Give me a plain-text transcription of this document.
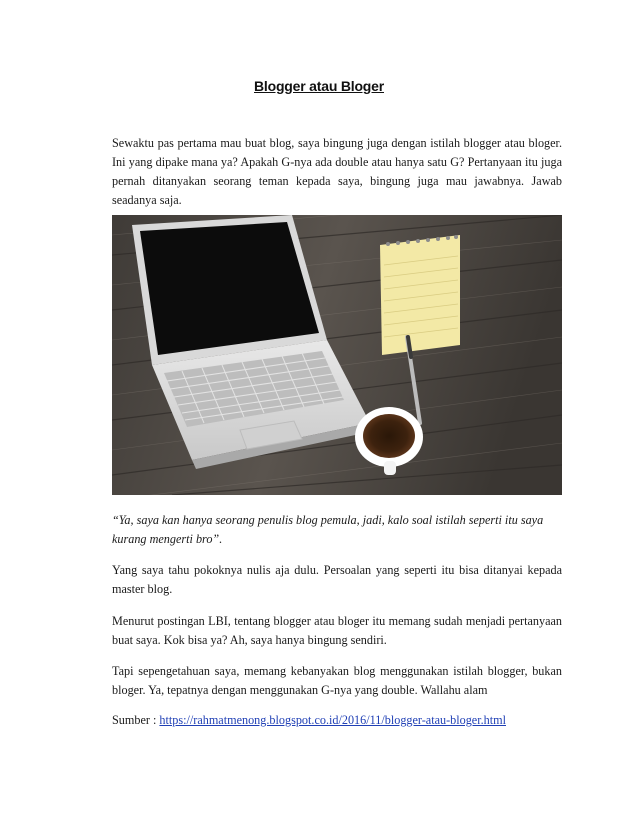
Blogger atau Bloger

Sewaktu pas pertama mau buat blog, saya bingung juga dengan istilah blogger atau bloger. Ini yang dipake mana ya? Apakah G-nya ada double atau hanya satu G? Pertanyaan itu juga pernah ditanyakan seorang teman kepada saya, bingung juga mau jawabnya. Jawab seadanya saja.

“Ya, saya kan hanya seorang penulis blog pemula, jadi, kalo soal istilah seperti itu saya kurang mengerti bro”.

Yang saya tahu pokoknya nulis aja dulu. Persoalan yang seperti itu bisa ditanyai kepada master blog.

Menurut postingan LBI, tentang blogger atau bloger itu memang sudah menjadi pertanyaan buat saya. Kok bisa ya? Ah, saya hanya bingung sendiri.

Tapi sepengetahuan saya, memang kebanyakan blog menggunakan istilah blogger, bukan bloger. Ya, tepatnya dengan menggunakan G-nya yang double. Wallahu alam

Sumber : https://rahmatmenong.blogspot.co.id/2016/11/blogger-atau-bloger.html
